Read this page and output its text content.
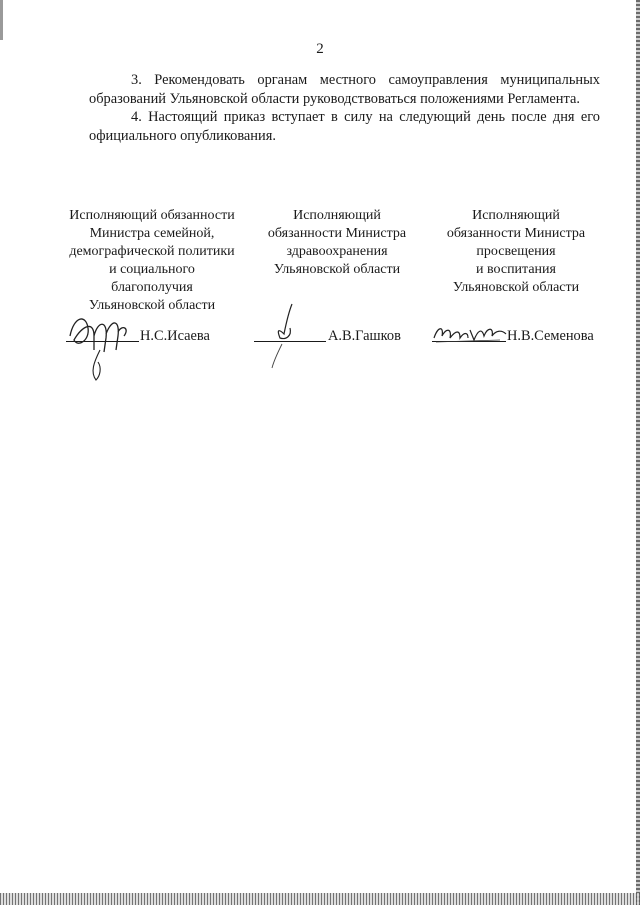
2

3. Рекомендовать органам местного самоуправления муниципальных образований Ульяновской области руководствоваться положениями Регламента.

4. Настоящий приказ вступает в силу на следующий день после дня его официального опубликования.

Исполняющий обязанности
Министра семейной,
демографической политики
и социального
благополучия
Ульяновской области
Н.С.Исаева
Исполняющий
обязанности Министра
здравоохранения
Ульяновской области
А.В.Гашков
Исполняющий
обязанности Министра
просвещения
и воспитания
Ульяновской области
Н.В.Семенова
